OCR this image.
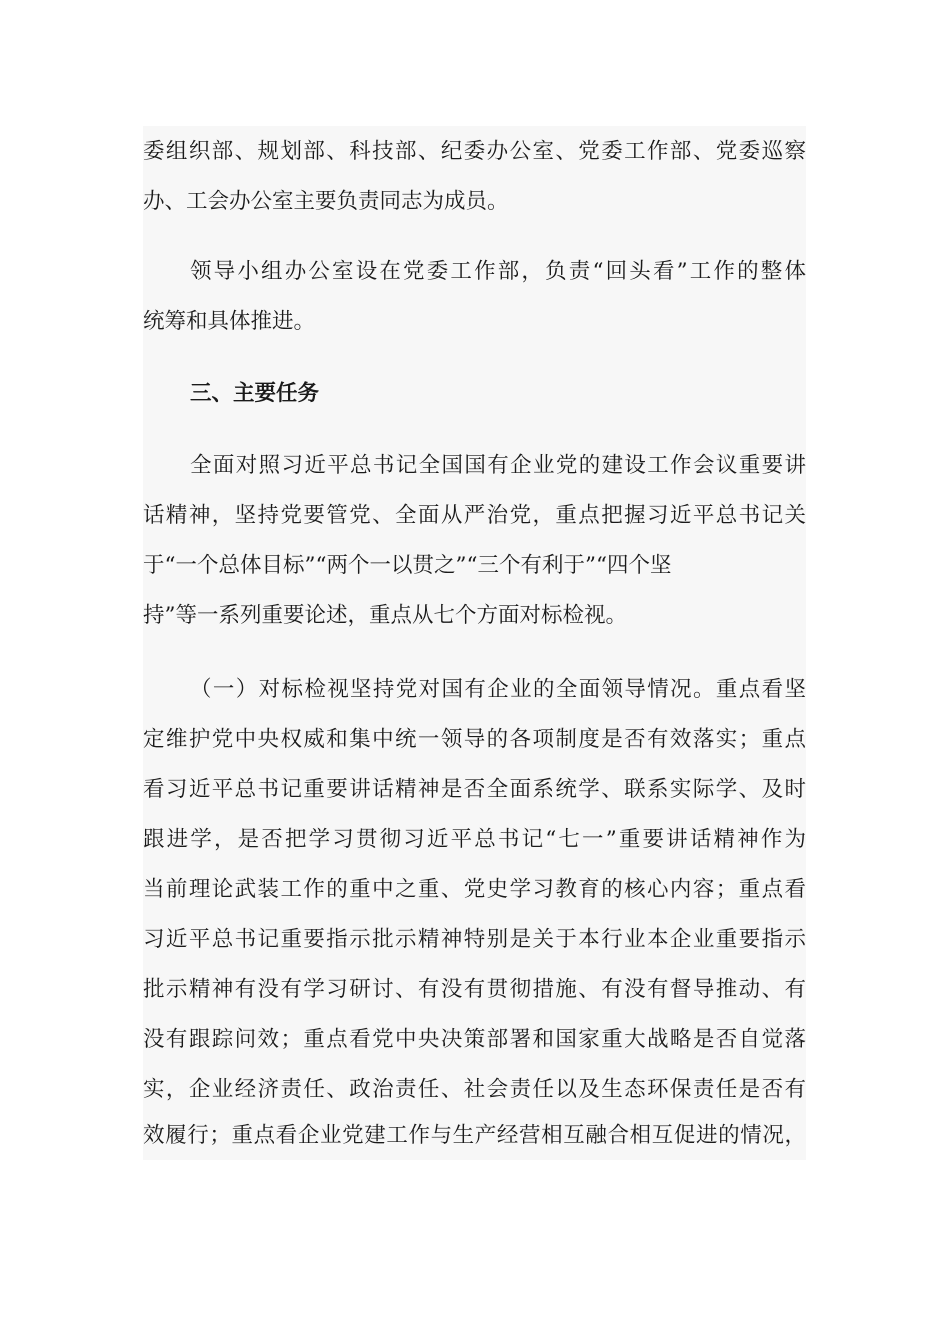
委组织部、规划部、科技部、纪委办公室、党委工作部、党委巡察
办、工会办公室主要负责同志为成员。
领导小组办公室设在党委工作部，负责“回头看”工作的整体
统筹和具体推进。
三、主要任务
全面对照习近平总书记全国国有企业党的建设工作会议重要讲
话精神，坚持党要管党、全面从严治党，重点把握习近平总书记关
于“一个总体目标”“两个一以贯之”“三个有利于”“四个坚
持”等一系列重要论述，重点从七个方面对标检视。
（一）对标检视坚持党对国有企业的全面领导情况。重点看坚
定维护党中央权威和集中统一领导的各项制度是否有效落实；重点
看习近平总书记重要讲话精神是否全面系统学、联系实际学、及时
跟进学，是否把学习贯彻习近平总书记“七一”重要讲话精神作为
当前理论武装工作的重中之重、党史学习教育的核心内容；重点看
习近平总书记重要指示批示精神特别是关于本行业本企业重要指示
批示精神有没有学习研讨、有没有贯彻措施、有没有督导推动、有
没有跟踪问效；重点看党中央决策部署和国家重大战略是否自觉落
实，企业经济责任、政治责任、社会责任以及生态环保责任是否有
效履行；重点看企业党建工作与生产经营相互融合相互促进的情况，
